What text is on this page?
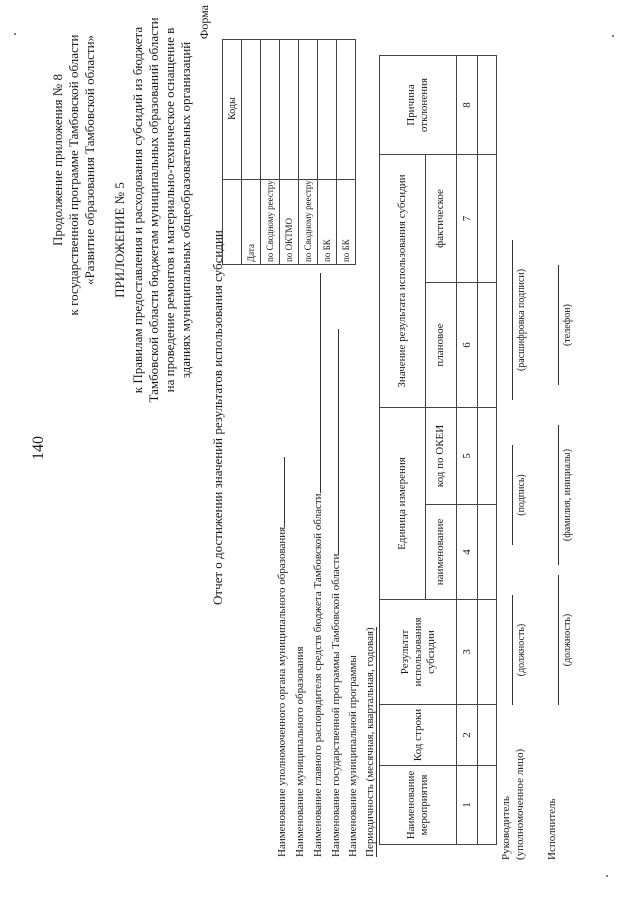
140
Продолжение приложения № 8 к государственной программе Тамбовской области «Развитие образования Тамбовской области» ПРИЛОЖЕНИЕ № 5 к Правилам предоставления и расходования субсидий из бюджета Тамбовской области бюджетам муниципальных образований области на проведение ремонтов и материально-техническое оснащение в зданиях муниципальных общеобразовательных организаций
Форма
	Коды
Дата	
по Сводному реестру	
по ОКТМО	
по Сводному реестру	
по БК	
по БК	
Отчет о достижении значений результатов использования субсидии
Наименование уполномоченного органа муниципального образования Наименование муниципального образования Наименование главного распорядителя средств бюджета Тамбовской области Наименование государственной программы Тамбовской области Наименование муниципальной программы Периодичность (месячная, квартальная, годовая)	Наименование мероприятия	Код строки	Результат использования субсидии	Единица измерения		Значение результата использования субсидии		Причина отклонения
			наименование	код по ОКЕИ	плановое	фактическое	
1	2	3	4	5	6	7	8

Руководитель (уполномоченное лицо)
(должность)
(подпись)
(расшифровка подписи)
Исполнитель
(должность)
(фамилия, инициалы)
(телефон)
